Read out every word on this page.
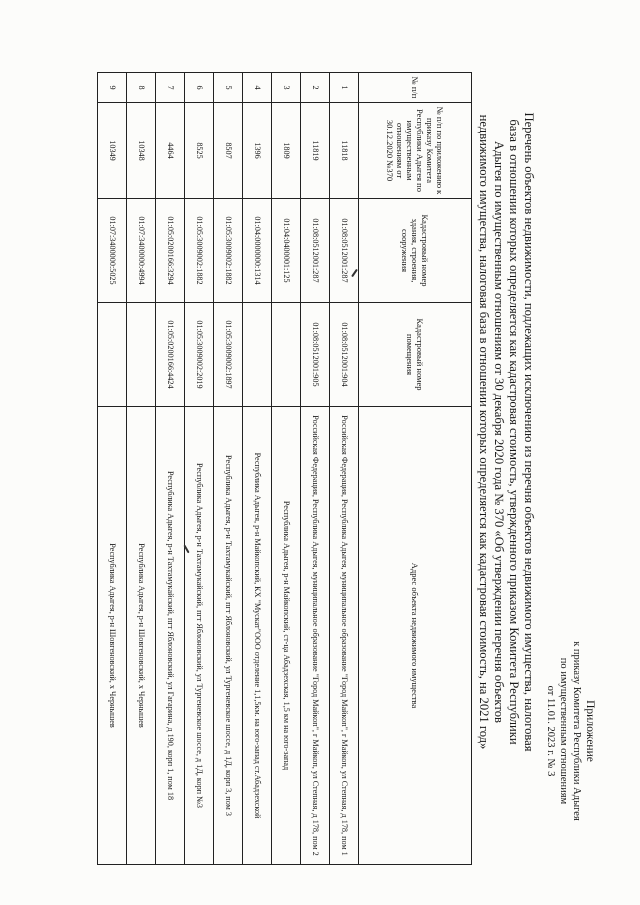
Приложение
к приказу Комитета Республики Адыгея
по имущественным отношениям
от 11.01. 2023 г. № 3
Перечень объектов недвижимости, подлежащих исключению из перечня объектов недвижимого имущества, налоговая база в отношении которых определяется как кадастровая стоимость, утвержденного приказом Комитета Республики Адыгея по имущественным отношениям от 30 декабря 2020 года № 370 «Об утверждении перечня объектов недвижимого имущества, налоговая база в отношении которых определяется как кадастровая стоимость, на 2021 год»
№ п/п	№ п/п по приложению к приказу Комитета Республики Адыгея по имущественным отношениям от 30.12.2020 №370	Кадастровый номер здания, строения, сооружения	Кадастровый номер помещения	Адрес объекта недвижимого имущества
1	11818	01:08:0512001:287	01:08:0512001:904	Российская Федерация, Республика Адыгея, муниципальное образование "Город Майкоп", г Майкоп, ул Степная, д 178, пом 1
2	11819	01:08:0512001:287	01:08:0512001:905	Российская Федерация, Республика Адыгея, муниципальное образование "Город Майкоп", г Майкоп, ул Степная, д 178, пом 2
3	1809	01:04:0400001:125		Республика Адыгея, р-н Майкопский, ст-ца Абадзехская, 1,5 км на юго-запад
4	1396	01:04:0000000:1314		Республика Адыгея, р-н Майкопский, КХ "Мускат"ООО отделение 1,1,5км. на юго-запад ст.Абадзехской
5	8507	01:05:3009002:1882	01:05:3009002:1897	Республика Адыгея, р-н Тахтамукайский, пгт Яблоновский, ул Тургеневское шоссе, д 1Д, корп 3, пом 3
6	8525	01:05:3009002:1882	01:05:3009002:2019	Республика Адыгея, р-н Тахтамукайский, пгт Яблоновский, ул Тургеневское шоссе, д 1Д, корп №3
7	4464	01:05:0200166:3294	01:05:0200166:4424	Республика Адыгея, р-н Тахтамукайский, пгт Яблоновский, ул Гагарина, д 190, корп 1, пом 18
8	10348	01:07:3400000:4994		Республика Адыгея, р-н Шовгеновский, х Чернышев
9	10349	01:07:3400000:5025		Республика Адыгея, р-н Шовгеновский, х Чернышев
